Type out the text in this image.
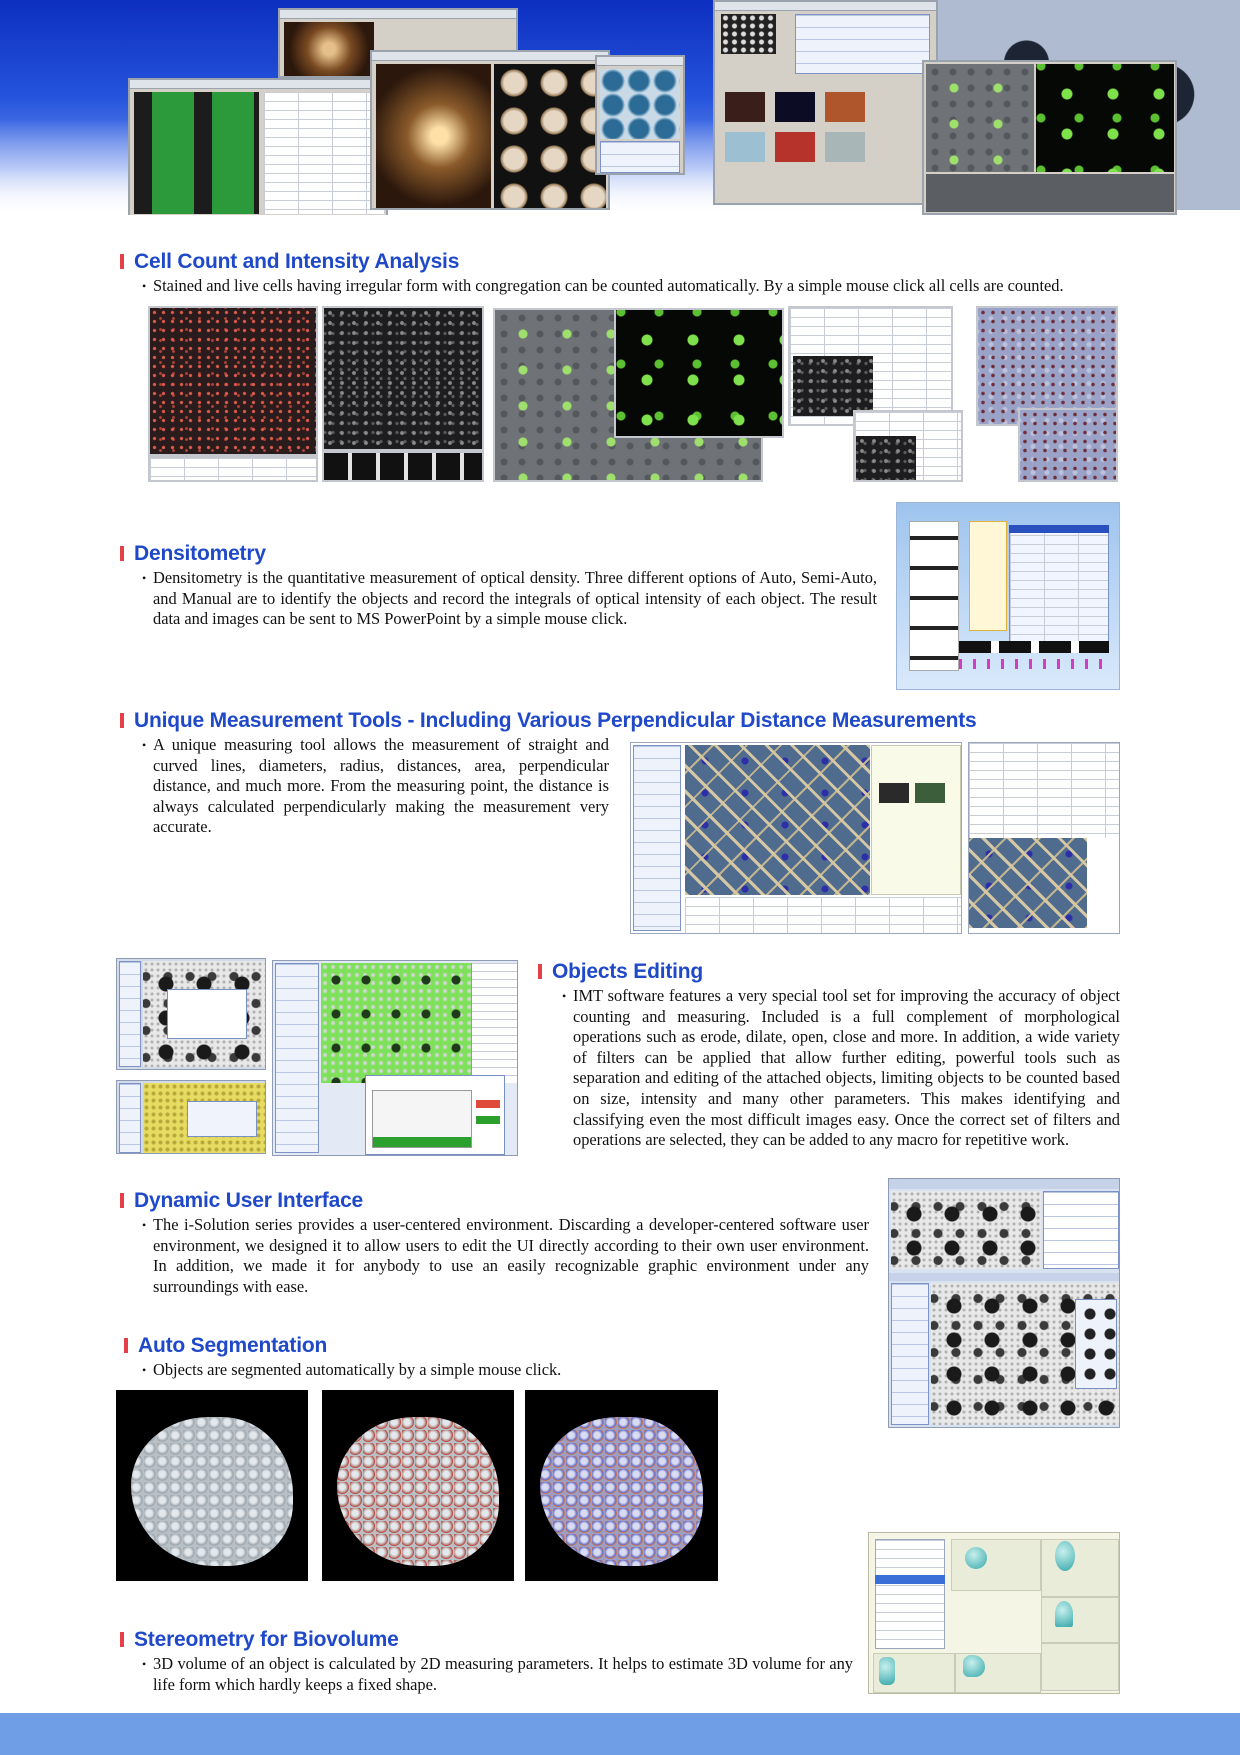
Cell Count and Intensity Analysis

• Stained and live cells having irregular form with congregation can be counted automatically. By a simple mouse click all cells are counted.

Densitometry

• Densitometry is the quantitative measurement of optical density. Three different options of Auto, Semi-Auto, and Manual are to identify the objects and record the integrals of optical intensity of each object. The result data and images can be sent to MS PowerPoint by a simple mouse click.

Unique Measurement Tools - Including Various Perpendicular Distance Measurements

• A unique measuring tool allows the measurement of straight and curved lines, diameters, radius, distances, area, perpendicular distance, and much more. From the measuring point, the distance is always calculated perpendicularly making the measurement very accurate.

Objects Editing

• IMT software features a very special tool set for improving the accuracy of object counting and measuring. Included is a full complement of morphological operations such as erode, dilate, open, close and more. In addition, a wide variety of filters can be applied that allow further editing, powerful tools such as separation and editing of the attached objects, limiting objects to be counted based on size, intensity and many other parameters. This makes identifying and classifying even the most difficult images easy. Once the correct set of filters and operations are selected, they can be added to any macro for repetitive work.

Dynamic User Interface

• The i-Solution series provides a user-centered environment. Discarding a developer-centered software user environment, we designed it to allow users to edit the UI directly according to their own user environment. In addition, we made it for anybody to use an easily recognizable graphic environment under any surroundings with ease.

Auto Segmentation

• Objects are segmented automatically by a simple mouse click.

Stereometry for Biovolume

• 3D volume of an object is calculated by 2D measuring parameters. It helps to estimate 3D volume for any life form which hardly keeps a fixed shape.
